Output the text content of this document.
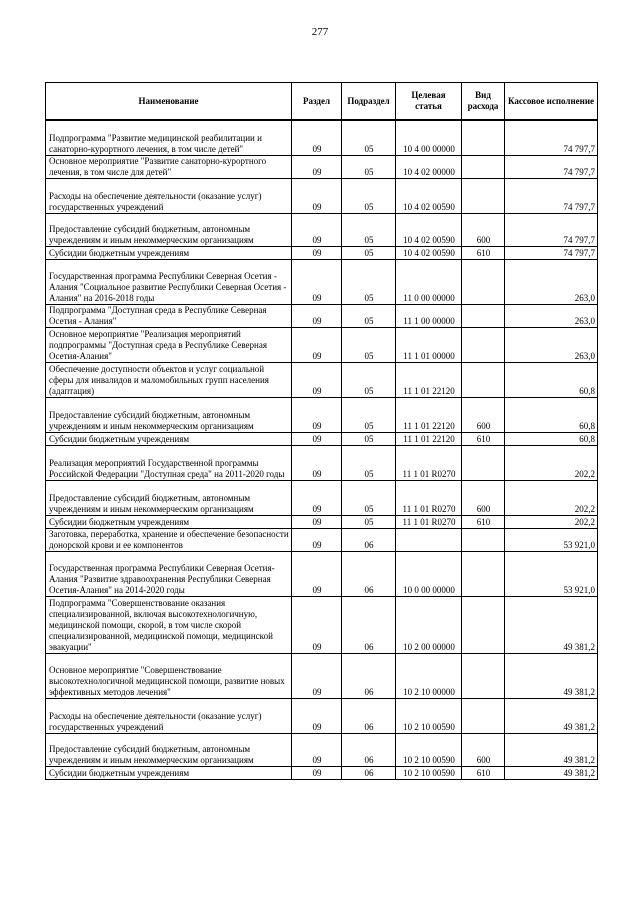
277
Наименование	Раздел	Подраздел	Целевая статья	Вид расхода	Кассовое исполнение
Подпрограмма "Развитие медицинской реабилитации и санаторно-курортного лечения, в том числе детей"	09	05	10 4 00 00000		74 797,7
Основное мероприятие "Развитие санаторно-курортного лечения, в том числе для детей"	09	05	10 4 02 00000		74 797,7
Расходы на обеспечение деятельности (оказание услуг) государственных учреждений	09	05	10 4 02 00590		74 797,7
Предоставление субсидий бюджетным, автономным учреждениям и иным некоммерческим организациям	09	05	10 4 02 00590	600	74 797,7
Субсидии бюджетным учреждениям	09	05	10 4 02 00590	610	74 797,7
Государственная программа Республики Северная Осетия - Алания "Социальное развитие Республики Северная Осетия - Алания" на 2016-2018 годы	09	05	11 0 00 00000		263,0
Подпрограмма "Доступная среда в Республике Северная Осетия - Алания"	09	05	11 1 00 00000		263,0
Основное мероприятие "Реализация мероприятий подпрограммы "Доступная среда в Республике Северная Осетия-Алания"	09	05	11 1 01 00000		263,0
Обеспечение доступности объектов и услуг социальной сферы для инвалидов и маломобильных групп населения (адаптация)	09	05	11 1 01 22120		60,8
Предоставление субсидий бюджетным, автономным учреждениям и иным некоммерческим организациям	09	05	11 1 01 22120	600	60,8
Субсидии бюджетным учреждениям	09	05	11 1 01 22120	610	60,8
Реализация мероприятий Государственной программы Российской Федерации "Доступная среда" на 2011-2020 годы	09	05	11 1 01 R0270		202,2
Предоставление субсидий бюджетным, автономным учреждениям и иным некоммерческим организациям	09	05	11 1 01 R0270	600	202,2
Субсидии бюджетным учреждениям	09	05	11 1 01 R0270	610	202,2
Заготовка, переработка, хранение и обеспечение безопасности донорской крови и ее компонентов	09	06			53 921,0
Государственная программа Республики Северная Осетия-Алания "Развитие здравоохранения Республики Северная Осетия-Алания" на 2014-2020 годы	09	06	10 0 00 00000		53 921,0
Подпрограмма "Совершенствование оказания специализированной, включая высокотехнологичную, медицинской помощи, скорой, в том числе скорой специализированной, медицинской помощи, медицинской эвакуации"	09	06	10 2 00 00000		49 381,2
Основное мероприятие "Совершенствование высокотехнологичной медицинской помощи, развитие новых эффективных методов лечения"	09	06	10 2 10 00000		49 381,2
Расходы на обеспечение деятельности (оказание услуг) государственных учреждений	09	06	10 2 10 00590		49 381,2
Предоставление субсидий бюджетным, автономным учреждениям и иным некоммерческим организациям	09	06	10 2 10 00590	600	49 381,2
Субсидии бюджетным учреждениям	09	06	10 2 10 00590	610	49 381,2
